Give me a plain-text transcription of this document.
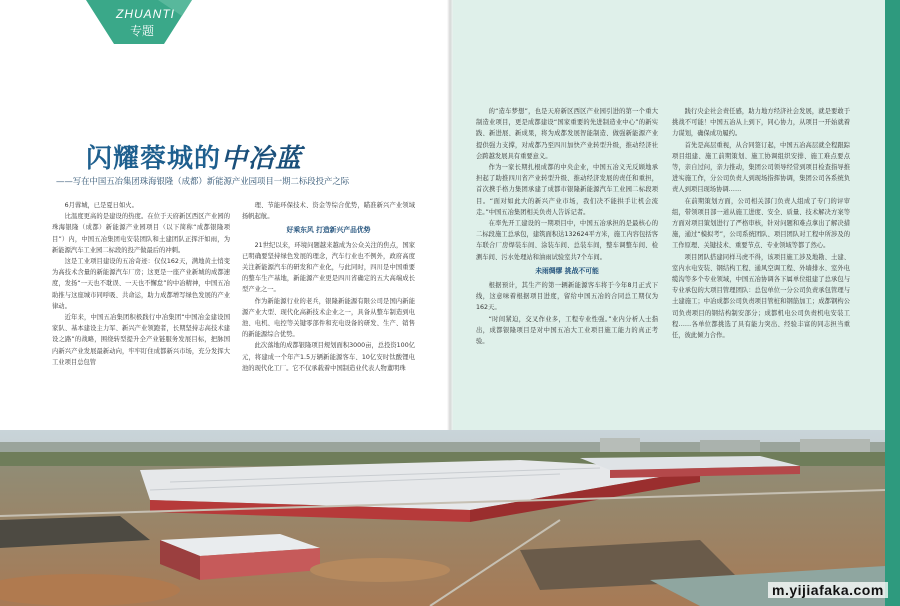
ZHUANTI
专题
闪耀蓉城的中冶蓝
——写在中国五冶集团珠海银隆（成都）新能源产业园项目一期二标段投产之际

6月蓉城，已是夏日如火。

比温度更高的是建设的热度。在位于天府新区西区产业园的珠海银隆（成都）新能源产业园项目（以下简称“成都银隆项目”）内，中国五冶集团电安装团队和土建团队正挥汗如雨，为新能源汽车工业园二标段的投产做最后的冲刺。

这是工业项目建设的五冶奇迹：仅仅162天，满地黄土悄变为高技术含量的新能源汽车厂房；这更是一座产业新城的成都速度，发扬“一天也不耽误、一天也不懈怠”的中冶精神，中国五冶助推与这座城市同呼吸、共命运，助力成都增写绿色发展的产业律动。

近年来，中国五冶集团积极践行中冶集团“中国冶金建设国家队、基本建设主力军、新兴产业领跑者，长期坚持志高技术建设之路”的战略，围绕转型提升全产业链服务发展目标，把脉国内新兴产业发展最新动向，牢牢盯住成都新兴市场，充分发挥大工业项目总包管

理、节能环保技术、资金等综合优势，瞄准新兴产业领域扬帆起航。

好乘东风 打造新兴产品优势

21世纪以来，环境问题越来越成为公众关注的焦点，国家已明确要坚持绿色发展的理念，汽车行业也不例外，政府高度关注新能源汽车的研发和产业化，与此同时，四川是中国重要的整车生产基地，新能源产业更是四川省确定的五大高端成长型产业之一。

作为新能源行业的老兵，银隆新能源有限公司是国内新能源产业大型、现代化高新技术企业之一，具备从整车制造到电池、电机、电控等关键零部件和充电设备的研发、生产、销售的新能源综合优势。

此次落地的成都银隆项目规划面积3000亩，总投资100亿元，将建成一个年产1.5万辆新能源客车、10亿安时钛酸锂电池的现代化工厂。它不仅承载着中国制造业代表人物董明珠

的“造车梦想”，也是天府新区西区产业园引进的第一个重大制造业项目，更是成都建设“国家重要的先进制造业中心”的新实践、新进展、新成果，将为成都发展智能制造、做强新能源产业提供强力支撑，对成都乃至四川加快产业转型升级，推动经济社会跨越发展具有重要意义。

作为一家长期扎根成都的中央企业，中国五冶义无反顾地承担起了助推四川省产业转型升级、推动经济发展的责任和重担，首次携手格力集团承建了成都市银隆新能源汽车工业园二标段项目。“面对如此大的新兴产业市场，我们决不能拱手让机会流走。”中国五冶集团相关负责人告诉记者。

在率先开工建设的一期项目中，中国五冶承担的是最核心的二标段施工总承包，建筑面积达132624平方米，施工内容包括客车联合厂房焊装车间、涂装车间、总装车间，整车调整车间、检测车间、污水处理站和油雨试验室共7个车间。

未雨绸缪 挑战不可能

根据预计，其生产的第一辆新能源客车将于今年8月正式下线，这意味着根据项目进度，留给中国五冶的合同总工期仅为162天。

“时间紧迫，交叉作业多，工程专业性强。”业内分析人士指出，成都银隆项目是对中国五冶大工业项目施工能力的真正考验。

践行央企社会责任感，助力地方经济社会发展，就是要敢于挑战不可能！中国五冶从上到下，同心协力，从项目一开始就着力谋划，确保成功履约。

首先是高层重视，从合同签订起，中国五冶高层就全程跟踪项目组建、施工前期策划、施工协调组织安排、施工难点要点等，亲自过问，亲力推动，集团公司领导经常到项目检查指导推进实施工作，分公司负责人到现场指挥协调，集团公司各系统负责人到项目现场协调……

在前期策划方面，公司相关部门负责人组成了专门的评审组，带领项目部一道从施工进度、安全、质量、技术解决方案等方面对项目策划进行了严格审核，针对问题和难点拿出了解决措施，通过“模拟考”，公司系统团队、项目团队对工程中所涉及的工作原理、关键技术、重要节点、专业领域等都了然心。

项目团队搭建同样马虎不得，该项目施工涉及地勘、土建、室内水电安装、钢结构工程、通风空调工程、外墙排水、室外电缆沟等多个专业领域，中国五冶协调各下属单位组建了总承包与专业承包的大项目管理团队：总包单位一分公司负责承包管理与土建施工；中冶成都公司负责项目管桩和钢筋加工；成都钢构公司负责项目的钢结构制安部分；成都机电公司负责机电安装工程……各单位都挑选了具有能力突出、经验丰富的同志担当重任，彼此倾力合作。

m.yijiafaka.com
